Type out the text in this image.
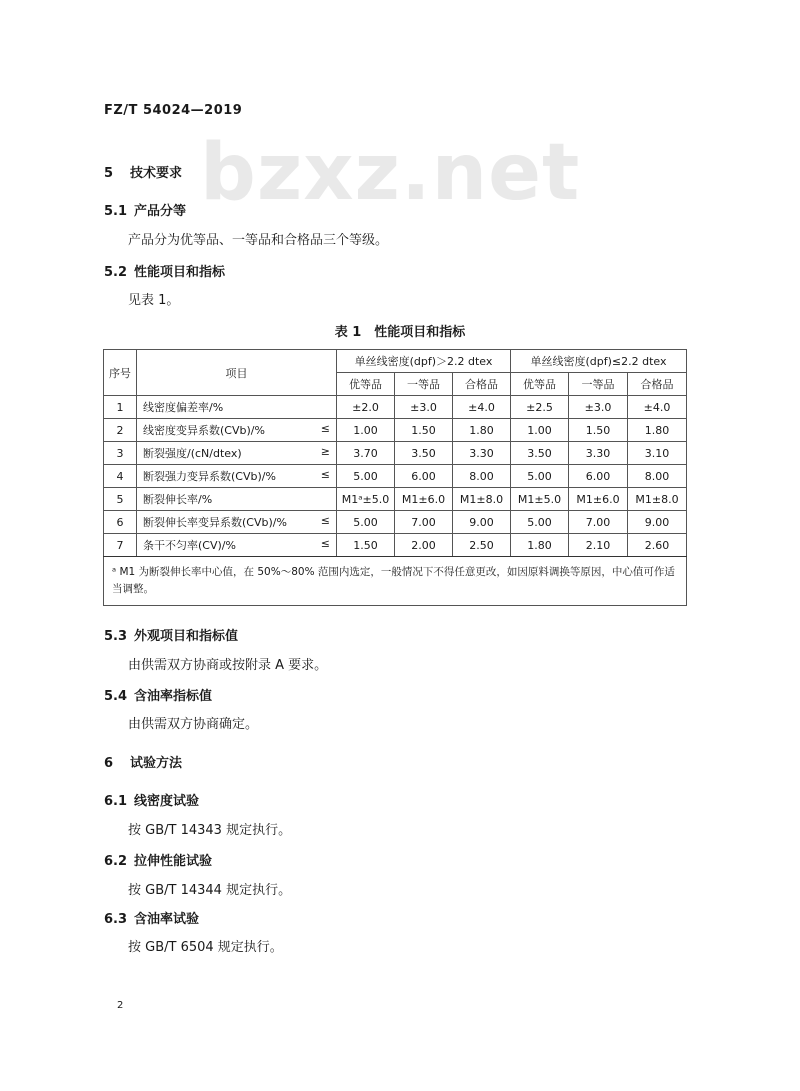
FZ/T 54024—2019
bzxz.net
5 技术要求
5.1 产品分等
产品分为优等品、一等品和合格品三个等级。
5.2 性能项目和指标
见表 1。
表 1　性能项目和指标
序号	项目	单丝线密度(dpf)＞2.2 dtex			单丝线密度(dpf)≤2.2 dtex		
		优等品	一等品	合格品	优等品	一等品	合格品
1	线密度偏差率/%	±2.0	±3.0	±4.0	±2.5	±3.0	±4.0
2	线密度变异系数(CVb)/% ≤	1.00	1.50	1.80	1.00	1.50	1.80
3	断裂强度/(cN/dtex) ≥	3.70	3.50	3.30	3.50	3.30	3.10
4	断裂强力变异系数(CVb)/% ≤	5.00	6.00	8.00	5.00	6.00	8.00
5	断裂伸长率/%	M1ᵃ±5.0	M1±6.0	M1±8.0	M1±5.0	M1±6.0	M1±8.0
6	断裂伸长率变异系数(CVb)/% ≤	5.00	7.00	9.00	5.00	7.00	9.00
7	条干不匀率(CV)/% ≤	1.50	2.00	2.50	1.80	2.10	2.60
ᵃ M1 为断裂伸长率中心值，在 50%～80% 范围内选定，一般情况下不得任意更改，如因原料调换等原因，中心值可作适当调整。							
5.3 外观项目和指标值
由供需双方协商或按附录 A 要求。
5.4 含油率指标值
由供需双方协商确定。
6 试验方法
6.1 线密度试验
按 GB/T 14343 规定执行。
6.2 拉伸性能试验
按 GB/T 14344 规定执行。
6.3 含油率试验
按 GB/T 6504 规定执行。
2
